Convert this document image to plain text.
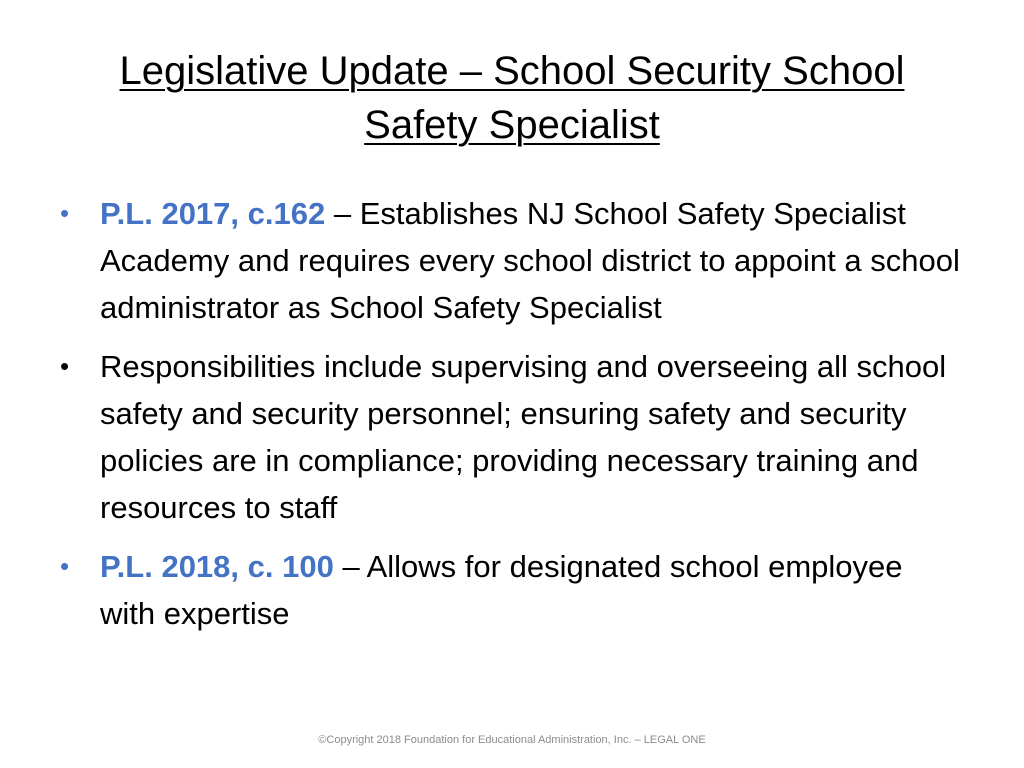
Legislative Update – School Security School
Safety Specialist
• P.L. 2017, c.162 – Establishes NJ School Safety Specialist Academy and requires every school district to appoint a school administrator as School Safety Specialist
• Responsibilities include supervising and overseeing all school safety and security personnel; ensuring safety and security policies are in compliance; providing necessary training and resources to staff
• P.L. 2018, c. 100 – Allows for designated school employee with expertise
©Copyright 2018 Foundation for Educational Administration, Inc. – LEGAL ONE
